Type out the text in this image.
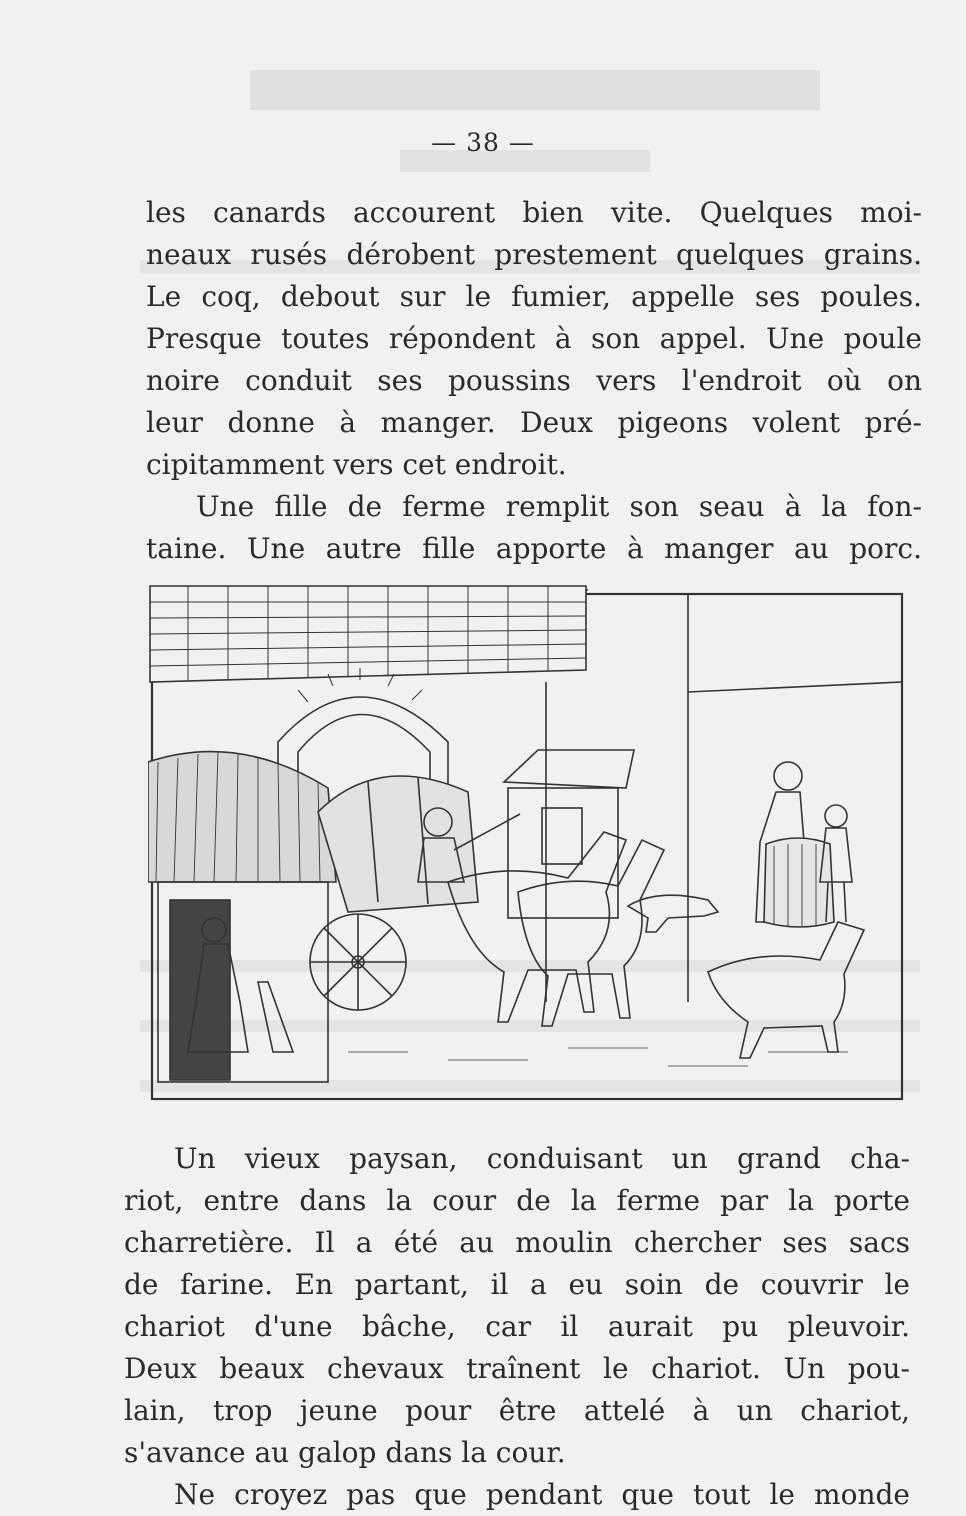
— 38 —

les canards accourent bien vite. Quelques moi-
neaux rusés dérobent prestement quelques grains.
Le coq, debout sur le fumier, appelle ses poules.
Presque toutes répondent à son appel. Une poule
noire conduit ses poussins vers l'endroit où on
leur donne à manger. Deux pigeons volent pré-
cipitamment vers cet endroit.

Une fille de ferme remplit son seau à la fon-
taine. Une autre fille apporte à manger au porc.

Un vieux paysan, conduisant un grand cha-
riot, entre dans la cour de la ferme par la porte
charretière. Il a été au moulin chercher ses sacs
de farine. En partant, il a eu soin de couvrir le
chariot d'une bâche, car il aurait pu pleuvoir.
Deux beaux chevaux traînent le chariot. Un pou-
lain, trop jeune pour être attelé à un chariot,
s'avance au galop dans la cour.

Ne croyez pas que pendant que tout le monde
